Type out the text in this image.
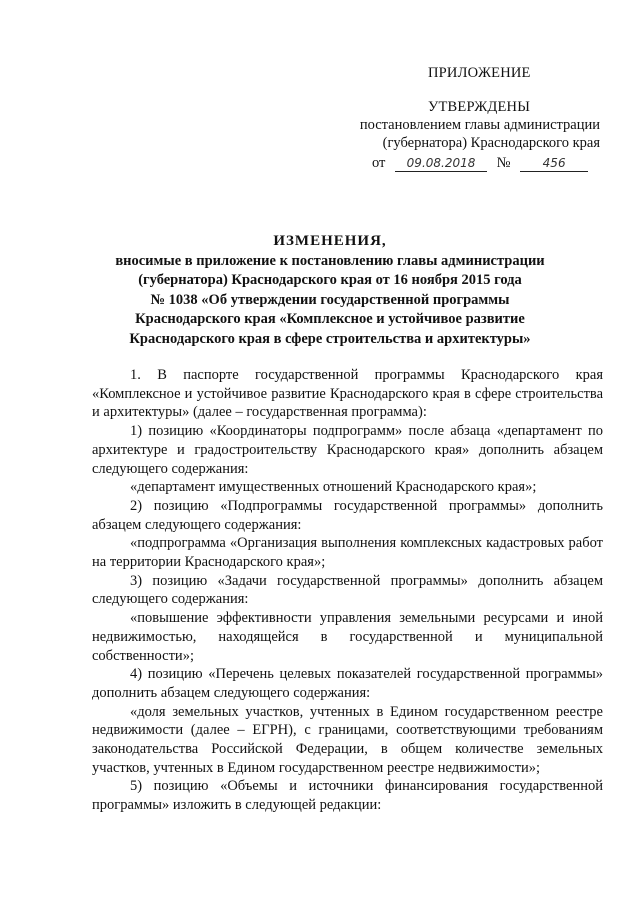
ПРИЛОЖЕНИЕ
УТВЕРЖДЕНЫ
постановлением главы администрации
(губернатора) Краснодарского края
от 09.08.2018 №	456
ИЗМЕНЕНИЯ,
вносимые в приложение к постановлению главы администрации
(губернатора) Краснодарского края от 16 ноября 2015 года
№ 1038 «Об утверждении государственной программы
Краснодарского края «Комплексное и устойчивое развитие
Краснодарского края в сфере строительства и архитектуры»

1. В паспорте государственной программы Краснодарского края «Комплексное и устойчивое развитие Краснодарского края в сфере строительства и архитектуры» (далее – государственная программа):

1) позицию «Координаторы подпрограмм» после абзаца «департамент по архитектуре и градостроительству Краснодарского края» дополнить абзацем следующего содержания:

«департамент имущественных отношений Краснодарского края»;

2) позицию «Подпрограммы государственной программы» дополнить абзацем следующего содержания:

«подпрограмма «Организация выполнения комплексных кадастровых работ на территории Краснодарского края»;

3) позицию «Задачи государственной программы» дополнить абзацем следующего содержания:

«повышение эффективности управления земельными ресурсами и иной недвижимостью, находящейся в государственной и муниципальной собственности»;

4) позицию «Перечень целевых показателей государственной программы» дополнить абзацем следующего содержания:

«доля земельных участков, учтенных в Едином государственном реестре недвижимости (далее – ЕГРН), с границами, соответствующими требованиям законодательства Российской Федерации, в общем количестве земельных участков, учтенных в Едином государственном реестре недвижимости»;

5) позицию «Объемы и источники финансирования государственной программы» изложить в следующей редакции:
